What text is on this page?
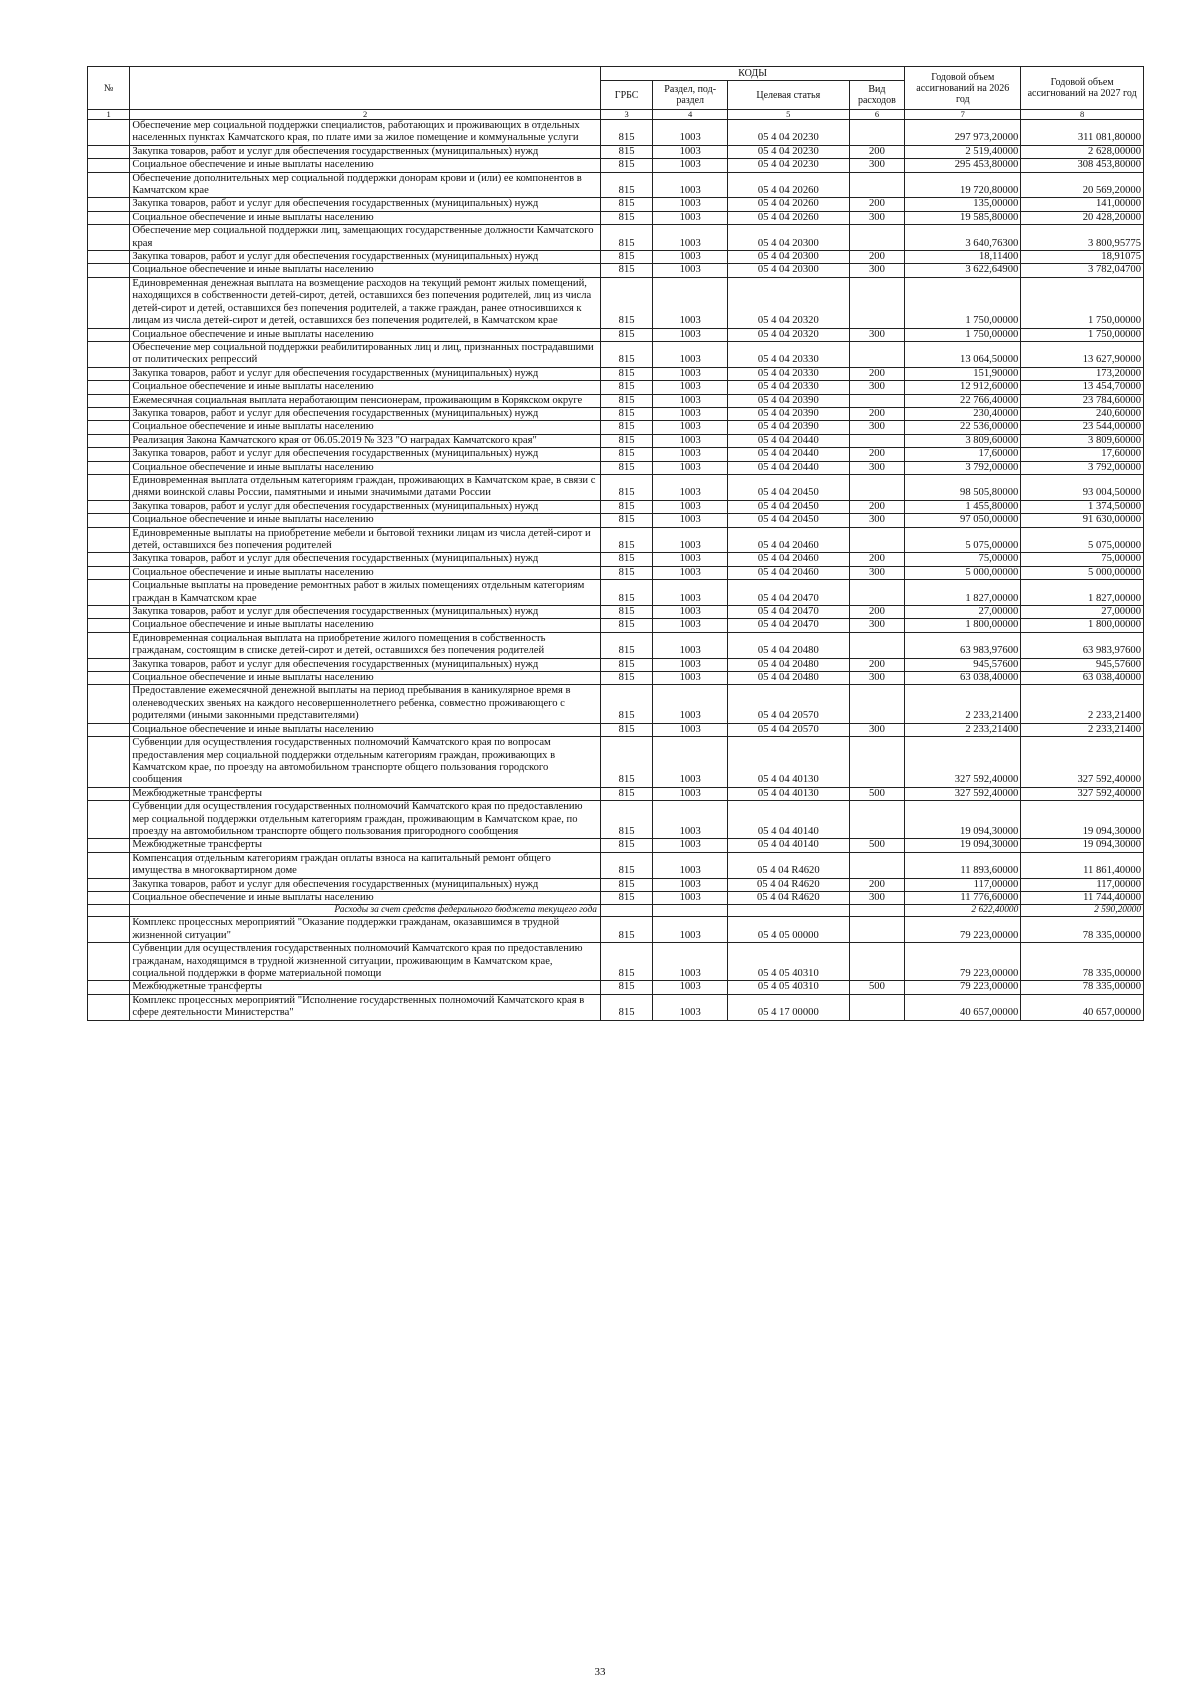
№		КОДЫ				Годовой объем ассигнований на 2026 год	Годовой объем ассигнований на 2027 год
		ГРБС	Раздел, под-раздел	Целевая статья	Вид расходов		
1	2	3	4	5	6	7	8
	Обеспечение мер социальной поддержки специалистов, работающих и проживающих в отдельных населенных пунктах Камчатского края, по плате ими за жилое помещение и коммунальные услуги	815	1003	05 4 04 20230		297 973,20000	311 081,80000
	Закупка товаров, работ и услуг для обеспечения государственных (муниципальных) нужд	815	1003	05 4 04 20230	200	2 519,40000	2 628,00000
	Социальное обеспечение и иные выплаты населению	815	1003	05 4 04 20230	300	295 453,80000	308 453,80000
	Обеспечение дополнительных мер социальной поддержки донорам крови и (или) ее компонентов в Камчатском крае	815	1003	05 4 04 20260		19 720,80000	20 569,20000
	Закупка товаров, работ и услуг для обеспечения государственных (муниципальных) нужд	815	1003	05 4 04 20260	200	135,00000	141,00000
	Социальное обеспечение и иные выплаты населению	815	1003	05 4 04 20260	300	19 585,80000	20 428,20000
	Обеспечение мер социальной поддержки лиц, замещающих государственные должности Камчатского края	815	1003	05 4 04 20300		3 640,76300	3 800,95775
	Закупка товаров, работ и услуг для обеспечения государственных (муниципальных) нужд	815	1003	05 4 04 20300	200	18,11400	18,91075
	Социальное обеспечение и иные выплаты населению	815	1003	05 4 04 20300	300	3 622,64900	3 782,04700
	Единовременная денежная выплата на возмещение расходов на текущий ремонт жилых помещений, находящихся в собственности детей-сирот, детей, оставшихся без попечения родителей, лиц из числа детей-сирот и детей, оставшихся без попечения родителей, а также граждан, ранее относившихся к лицам из числа детей-сирот и детей, оставшихся без попечения родителей, в Камчатском крае	815	1003	05 4 04 20320		1 750,00000	1 750,00000
	Социальное обеспечение и иные выплаты населению	815	1003	05 4 04 20320	300	1 750,00000	1 750,00000
	Обеспечение мер социальной поддержки реабилитированных лиц и лиц, признанных пострадавшими от политических репрессий	815	1003	05 4 04 20330		13 064,50000	13 627,90000
	Закупка товаров, работ и услуг для обеспечения государственных (муниципальных) нужд	815	1003	05 4 04 20330	200	151,90000	173,20000
	Социальное обеспечение и иные выплаты населению	815	1003	05 4 04 20330	300	12 912,60000	13 454,70000
	Ежемесячная социальная выплата неработающим пенсионерам, проживающим в Корякском округе	815	1003	05 4 04 20390		22 766,40000	23 784,60000
	Закупка товаров, работ и услуг для обеспечения государственных (муниципальных) нужд	815	1003	05 4 04 20390	200	230,40000	240,60000
	Социальное обеспечение и иные выплаты населению	815	1003	05 4 04 20390	300	22 536,00000	23 544,00000
	Реализация Закона Камчатского края от 06.05.2019 № 323 "О наградах Камчатского края"	815	1003	05 4 04 20440		3 809,60000	3 809,60000
	Закупка товаров, работ и услуг для обеспечения государственных (муниципальных) нужд	815	1003	05 4 04 20440	200	17,60000	17,60000
	Социальное обеспечение и иные выплаты населению	815	1003	05 4 04 20440	300	3 792,00000	3 792,00000
	Единовременная выплата отдельным категориям граждан, проживающих в Камчатском крае, в связи с днями воинской славы России, памятными и иными значимыми датами России	815	1003	05 4 04 20450		98 505,80000	93 004,50000
	Закупка товаров, работ и услуг для обеспечения государственных (муниципальных) нужд	815	1003	05 4 04 20450	200	1 455,80000	1 374,50000
	Социальное обеспечение и иные выплаты населению	815	1003	05 4 04 20450	300	97 050,00000	91 630,00000
	Единовременные выплаты на приобретение мебели и бытовой техники лицам из числа детей-сирот и детей, оставшихся без попечения родителей	815	1003	05 4 04 20460		5 075,00000	5 075,00000
	Закупка товаров, работ и услуг для обеспечения государственных (муниципальных) нужд	815	1003	05 4 04 20460	200	75,00000	75,00000
	Социальное обеспечение и иные выплаты населению	815	1003	05 4 04 20460	300	5 000,00000	5 000,00000
	Социальные выплаты на проведение ремонтных работ в жилых помещениях отдельным категориям граждан в Камчатском крае	815	1003	05 4 04 20470		1 827,00000	1 827,00000
	Закупка товаров, работ и услуг для обеспечения государственных (муниципальных) нужд	815	1003	05 4 04 20470	200	27,00000	27,00000
	Социальное обеспечение и иные выплаты населению	815	1003	05 4 04 20470	300	1 800,00000	1 800,00000
	Единовременная социальная выплата на приобретение жилого помещения в собственность гражданам, состоящим в списке детей-сирот и детей, оставшихся без попечения родителей	815	1003	05 4 04 20480		63 983,97600	63 983,97600
	Закупка товаров, работ и услуг для обеспечения государственных (муниципальных) нужд	815	1003	05 4 04 20480	200	945,57600	945,57600
	Социальное обеспечение и иные выплаты населению	815	1003	05 4 04 20480	300	63 038,40000	63 038,40000
	Предоставление ежемесячной денежной выплаты на период пребывания в каникулярное время в оленеводческих звеньях на каждого несовершеннолетнего ребенка, совместно проживающего с родителями (иными законными представителями)	815	1003	05 4 04 20570		2 233,21400	2 233,21400
	Социальное обеспечение и иные выплаты населению	815	1003	05 4 04 20570	300	2 233,21400	2 233,21400
	Субвенции для осуществления государственных полномочий Камчатского края по вопросам предоставления мер социальной поддержки отдельным категориям граждан, проживающих в Камчатском крае, по проезду на автомобильном транспорте общего пользования городского сообщения	815	1003	05 4 04 40130		327 592,40000	327 592,40000
	Межбюджетные трансферты	815	1003	05 4 04 40130	500	327 592,40000	327 592,40000
	Субвенции для осуществления государственных полномочий Камчатского края по предоставлению мер социальной поддержки отдельным категориям граждан, проживающим в Камчатском крае, по проезду на автомобильном транспорте общего пользования пригородного сообщения	815	1003	05 4 04 40140		19 094,30000	19 094,30000
	Межбюджетные трансферты	815	1003	05 4 04 40140	500	19 094,30000	19 094,30000
	Компенсация отдельным категориям граждан оплаты взноса на капитальный ремонт общего имущества в многоквартирном доме	815	1003	05 4 04 R4620		11 893,60000	11 861,40000
	Закупка товаров, работ и услуг для обеспечения государственных (муниципальных) нужд	815	1003	05 4 04 R4620	200	117,00000	117,00000
	Социальное обеспечение и иные выплаты населению	815	1003	05 4 04 R4620	300	11 776,60000	11 744,40000
	Расходы за счет средств федерального бюджета текущего года					2 622,40000	2 590,20000
	Комплекс процессных мероприятий "Оказание поддержки гражданам, оказавшимся в трудной жизненной ситуации"	815	1003	05 4 05 00000		79 223,00000	78 335,00000
	Субвенции для осуществления государственных полномочий Камчатского края по предоставлению гражданам, находящимся в трудной жизненной ситуации, проживающим в Камчатском крае, социальной поддержки в форме материальной помощи	815	1003	05 4 05 40310		79 223,00000	78 335,00000
	Межбюджетные трансферты	815	1003	05 4 05 40310	500	79 223,00000	78 335,00000
	Комплекс процессных мероприятий "Исполнение государственных полномочий Камчатского края в сфере деятельности Министерства"	815	1003	05 4 17 00000		40 657,00000	40 657,00000
33
